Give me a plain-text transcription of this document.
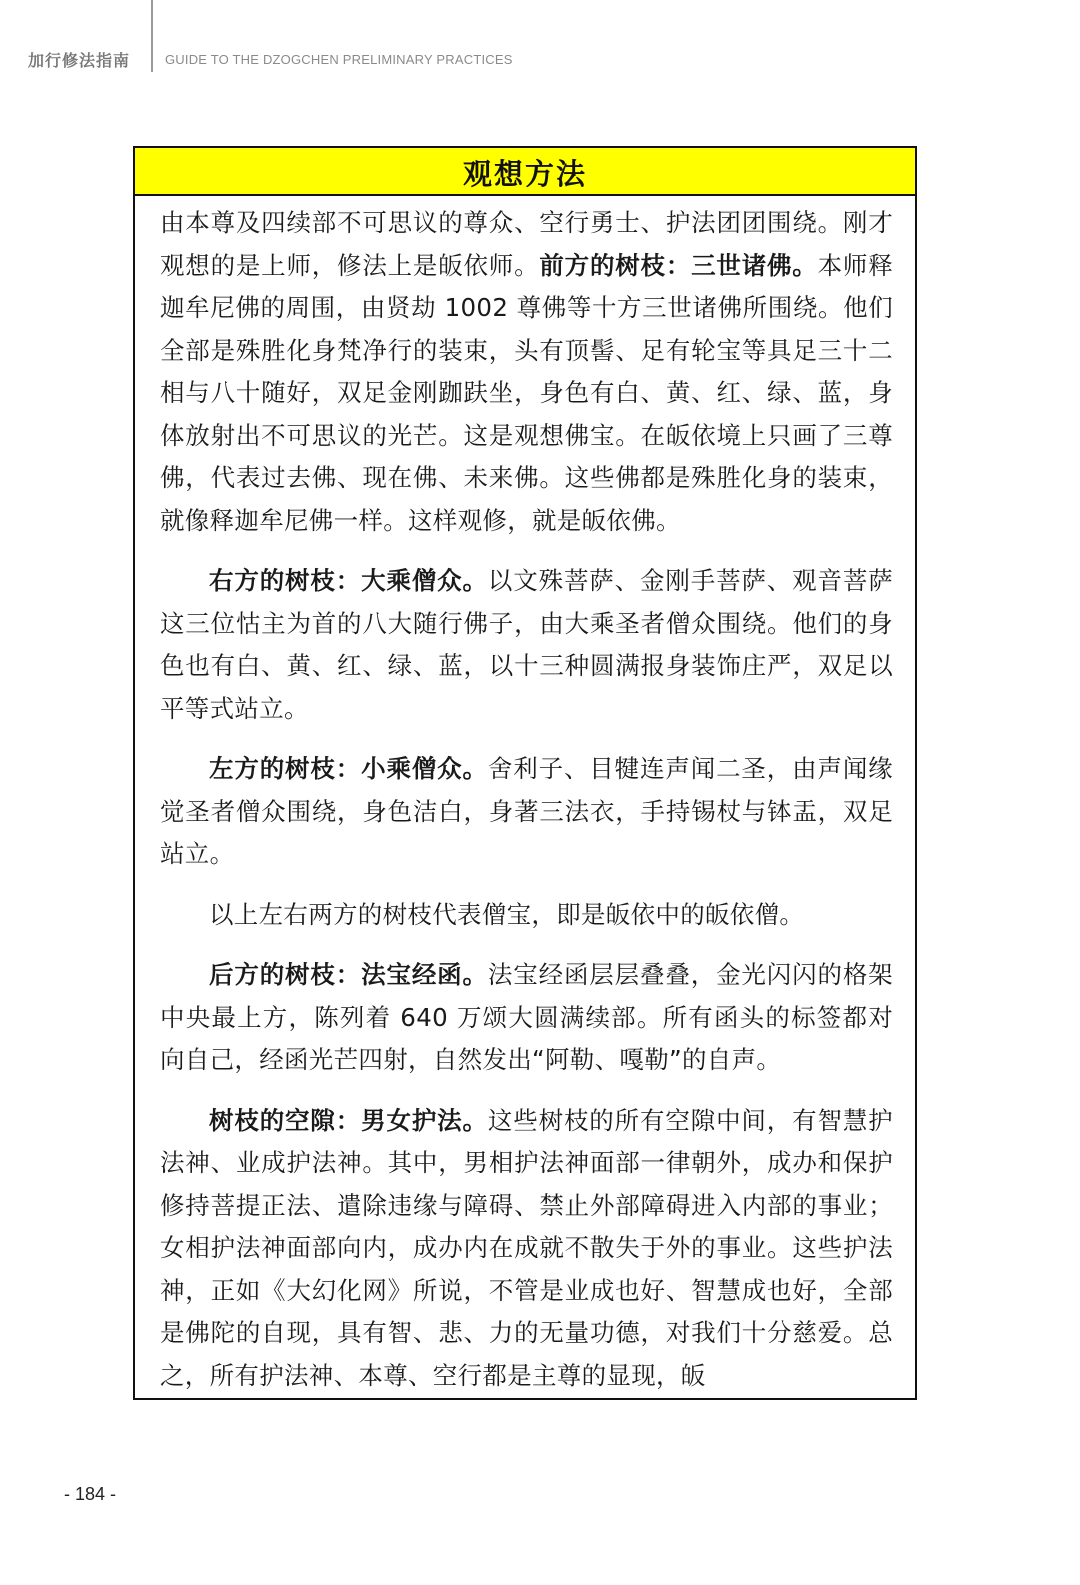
加行修法指南	GUIDE TO THE DZOGCHEN PRELIMINARY PRACTICES
观想方法

由本尊及四续部不可思议的尊众、空行勇士、护法团团围绕。刚才观想的是上师，修法上是皈依师。前方的树枝：三世诸佛。本师释迦牟尼佛的周围，由贤劫 1002 尊佛等十方三世诸佛所围绕。他们全部是殊胜化身梵净行的装束，头有顶髻、足有轮宝等具足三十二相与八十随好，双足金刚跏趺坐，身色有白、黄、红、绿、蓝，身体放射出不可思议的光芒。这是观想佛宝。在皈依境上只画了三尊佛，代表过去佛、现在佛、未来佛。这些佛都是殊胜化身的装束，就像释迦牟尼佛一样。这样观修，就是皈依佛。

右方的树枝：大乘僧众。以文殊菩萨、金刚手菩萨、观音菩萨这三位怙主为首的八大随行佛子，由大乘圣者僧众围绕。他们的身色也有白、黄、红、绿、蓝，以十三种圆满报身装饰庄严，双足以平等式站立。

左方的树枝：小乘僧众。舍利子、目犍连声闻二圣，由声闻缘觉圣者僧众围绕，身色洁白，身著三法衣，手持锡杖与钵盂，双足站立。

以上左右两方的树枝代表僧宝，即是皈依中的皈依僧。

后方的树枝：法宝经函。法宝经函层层叠叠，金光闪闪的格架中央最上方，陈列着 640 万颂大圆满续部。所有函头的标签都对向自己，经函光芒四射，自然发出“阿勒、嘎勒”的自声。

树枝的空隙：男女护法。这些树枝的所有空隙中间，有智慧护法神、业成护法神。其中，男相护法神面部一律朝外，成办和保护修持菩提正法、遣除违缘与障碍、禁止外部障碍进入内部的事业；女相护法神面部向内，成办内在成就不散失于外的事业。这些护法神，正如《大幻化网》所说，不管是业成也好、智慧成也好，全部是佛陀的自现，具有智、悲、力的无量功德，对我们十分慈爱。总之，所有护法神、本尊、空行都是主尊的显现，皈

- 184 -
